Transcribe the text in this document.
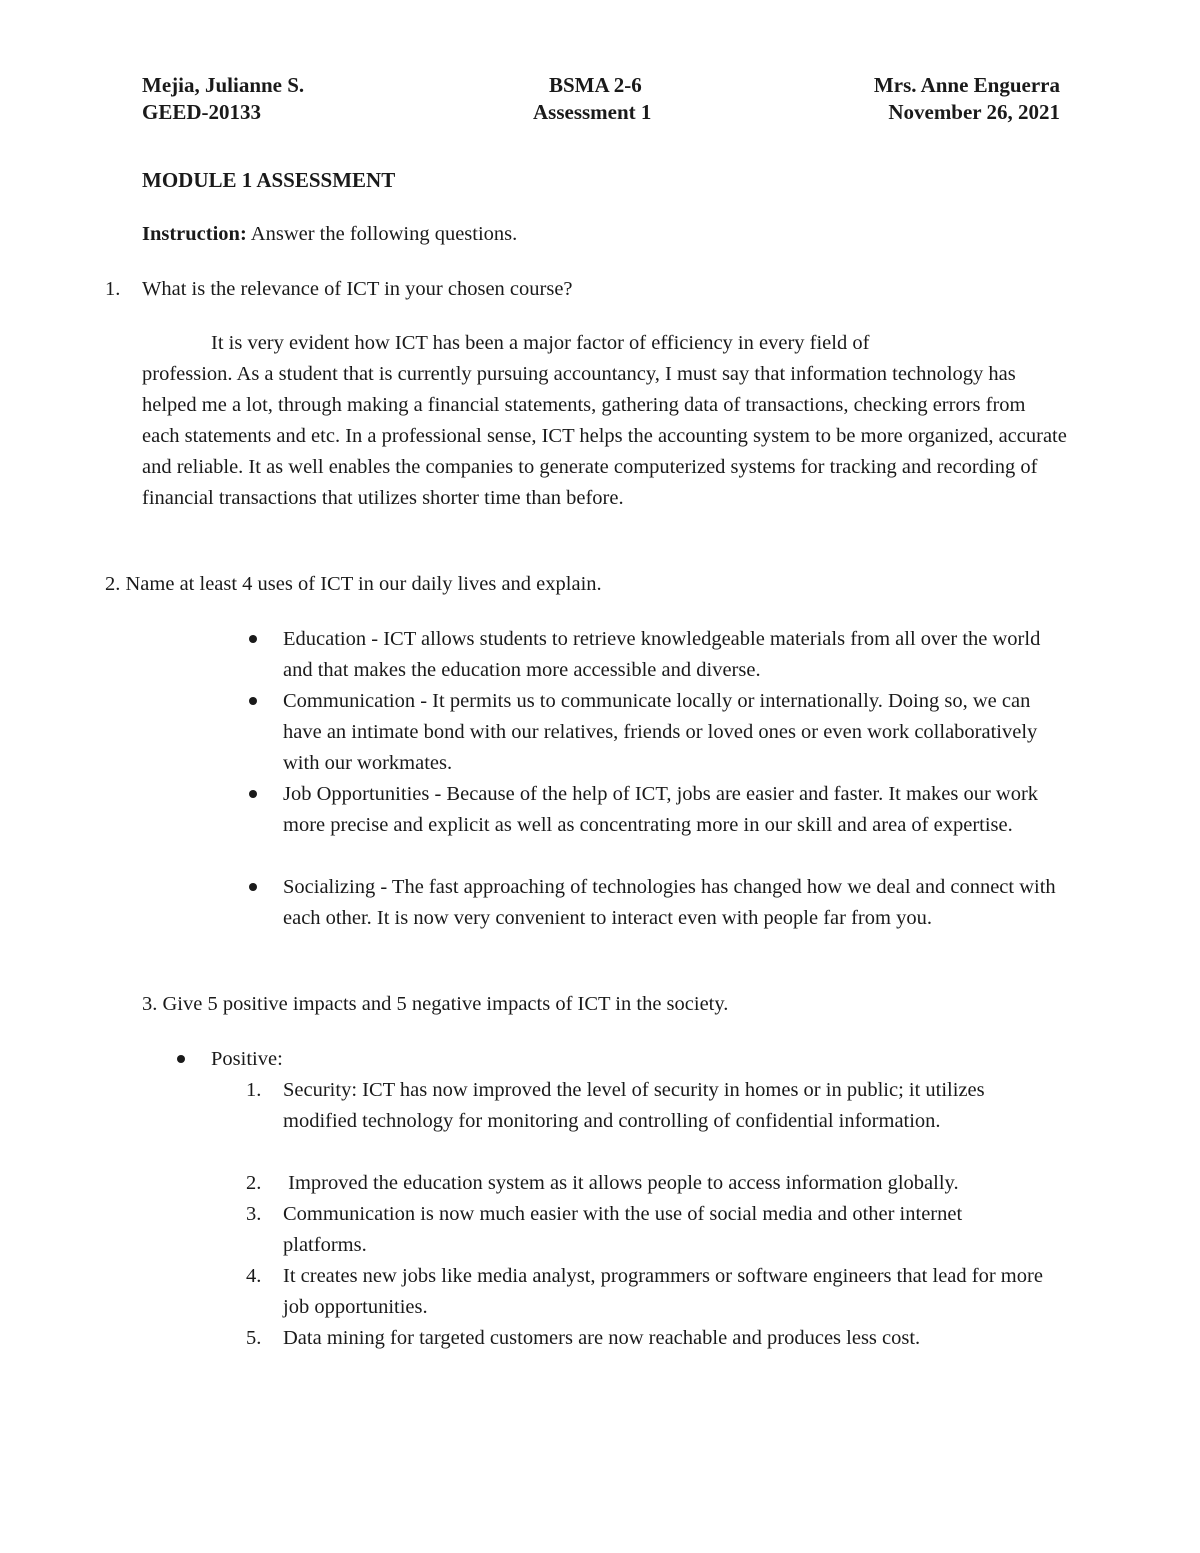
Mejia, Julianne S.
GEED-20133
BSMA 2-6
Assessment 1
Mrs. Anne Enguerra
November 26, 2021
MODULE 1 ASSESSMENT
Instruction: Answer the following questions.
1. What is the relevance of ICT in your chosen course?
It is very evident how ICT has been a major factor of efficiency in every field of
profession. As a student that is currently pursuing accountancy, I must say that information technology has helped me a lot, through making a financial statements, gathering data of transactions, checking errors from each statements and etc. In a professional sense, ICT helps the accounting system to be more organized, accurate and reliable. It as well enables the companies to generate computerized systems for tracking and recording of financial transactions that utilizes shorter time than before.
2. Name at least 4 uses of ICT in our daily lives and explain.
Education - ICT allows students to retrieve knowledgeable materials from all over the world and that makes the education more accessible and diverse.
Communication - It permits us to communicate locally or internationally. Doing so, we can have an intimate bond with our relatives, friends or loved ones or even work collaboratively with our workmates.
Job Opportunities - Because of the help of ICT, jobs are easier and faster. It makes our work more precise and explicit as well as concentrating more in our skill and area of expertise.
Socializing - The fast approaching of technologies has changed how we deal and connect with each other. It is now very convenient to interact even with people far from you.
3. Give 5 positive impacts and 5 negative impacts of ICT in the society.
Positive:
1. Security: ICT has now improved the level of security in homes or in public; it utilizes modified technology for monitoring and controlling of confidential information.
2. Improved the education system as it allows people to access information globally.
3. Communication is now much easier with the use of social media and other internet platforms.
4. It creates new jobs like media analyst, programmers or software engineers that lead for more job opportunities.
5. Data mining for targeted customers are now reachable and produces less cost.
